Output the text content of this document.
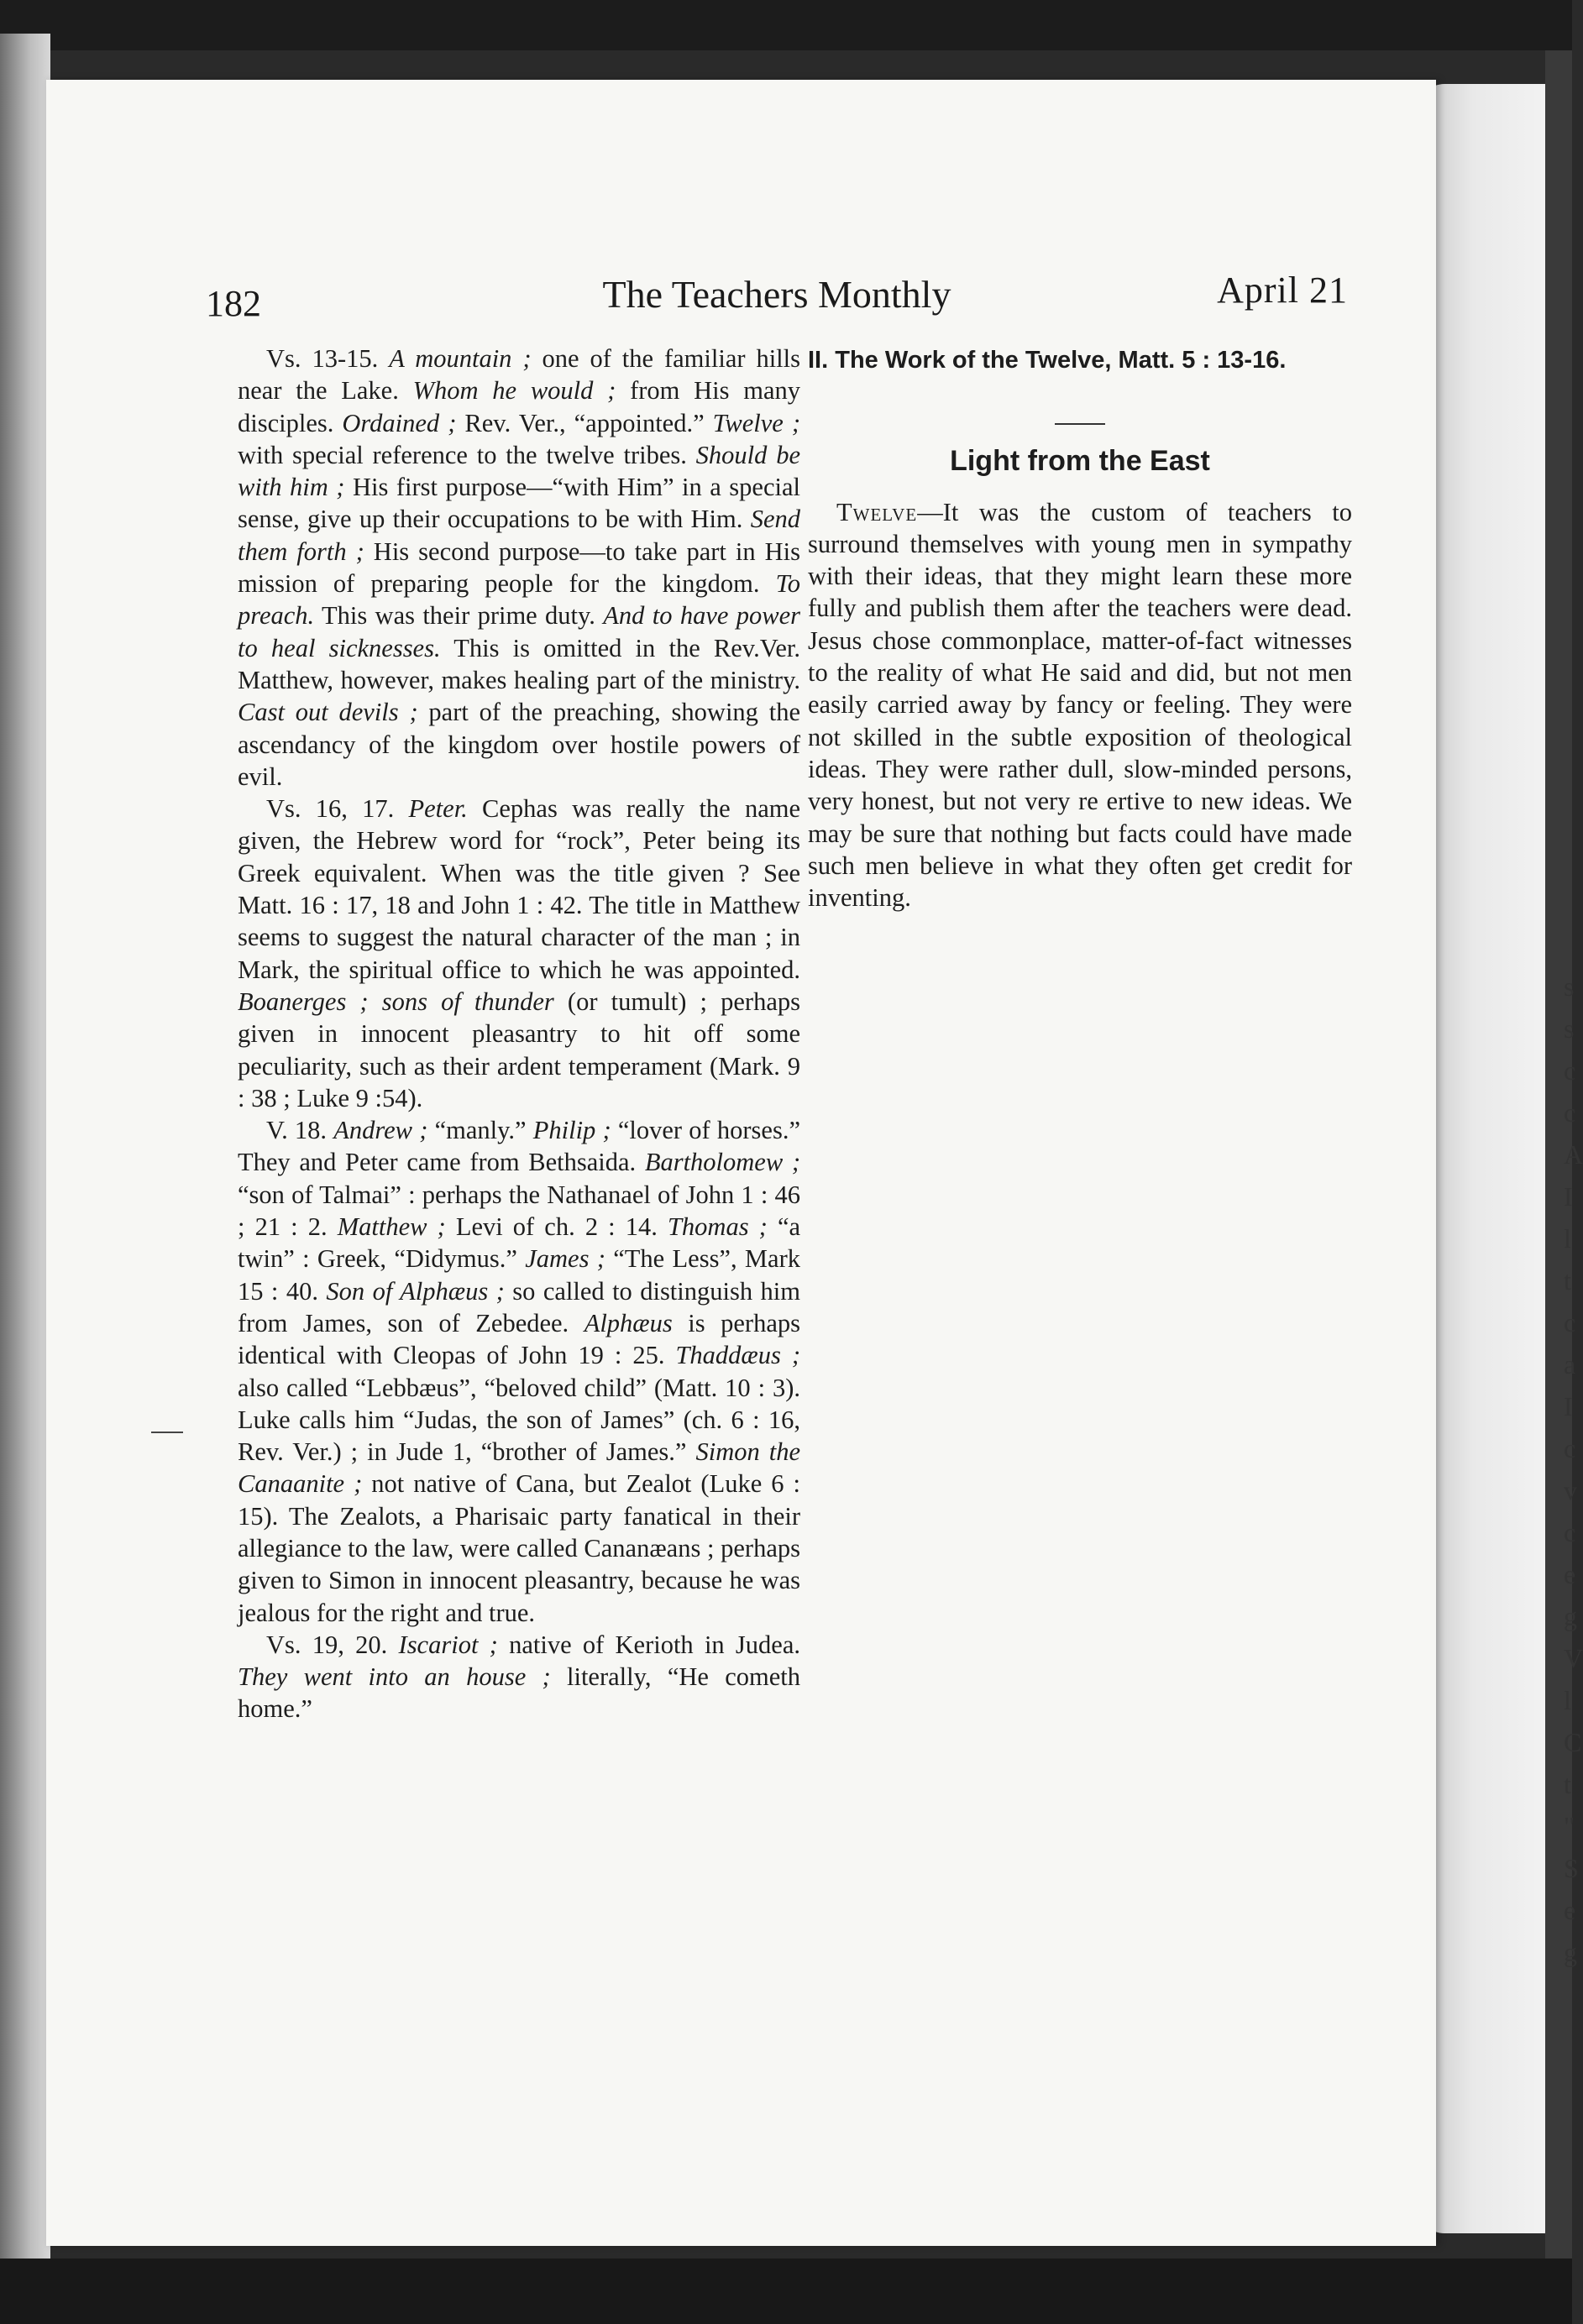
s s c c A I l t c a I c v c e g V l C t " S e g
182	The Teachers Monthly	April 21

Vs. 13-15. A mountain ; one of the familiar hills near the Lake. Whom he would ; from His many disciples. Ordained ; Rev. Ver., “appointed.” Twelve ; with special reference to the twelve tribes. Should be with him ; His first purpose—“with Him” in a special sense, give up their occupations to be with Him. Send them forth ; His second purpose—to take part in His mission of preparing people for the kingdom. To preach. This was their prime duty. And to have power to heal sicknesses. This is omitted in the Rev.Ver. Matthew, however, makes healing part of the ministry. Cast out devils ; part of the preaching, showing the ascendancy of the kingdom over hostile powers of evil.

Vs. 16, 17. Peter. Cephas was really the name given, the Hebrew word for “rock”, Peter being its Greek equivalent. When was the title given ? See Matt. 16 : 17, 18 and John 1 : 42. The title in Matthew seems to suggest the natural character of the man ; in Mark, the spiritual office to which he was appointed. Boanerges ; sons of thunder (or tumult) ; perhaps given in innocent pleasantry to hit off some peculiarity, such as their ardent temperament (Mark. 9 : 38 ; Luke 9 :54).

V. 18. Andrew ; “manly.” Philip ; “lover of horses.” They and Peter came from Bethsaida. Bartholomew ; “son of Talmai” : perhaps the Nathanael of John 1 : 46 ; 21 : 2. Matthew ; Levi of ch. 2 : 14. Thomas ; “a twin” : Greek, “Didymus.” James ; “The Less”, Mark 15 : 40. Son of Alphæus ; so called to distinguish him from James, son of Zebedee. Alphæus is perhaps identical with Cleopas of John 19 : 25. Thaddæus ; also called “Lebbæus”, “beloved child” (Matt. 10 : 3). Luke calls him “Judas, the son of James” (ch. 6 : 16, Rev. Ver.) ; in Jude 1, “brother of James.” Simon the Canaanite ; not native of Cana, but Zealot (Luke 6 : 15). The Zealots, a Pharisaic party fanatical in their allegiance to the law, were called Cananæans ; perhaps given to Simon in innocent pleasantry, because he was jealous for the right and true.

Vs. 19, 20. Iscariot ; native of Kerioth in Judea. They went into an house ; literally, “He cometh home.”

II. The Work of the Twelve, Matt. 5 : 13-16.
Light from the East

Twelve—It was the custom of teachers to surround themselves with young men in sympathy with their ideas, that they might learn these more fully and publish them after the teachers were dead. Jesus chose commonplace, matter-of-fact witnesses to the reality of what He said and did, but not men easily carried away by fancy or feeling. They were not skilled in the subtle exposition of theological ideas. They were rather dull, slow-minded persons, very honest, but not very re ertive to new ideas. We may be sure that nothing but facts could have made such men believe in what they often get credit for inventing.
